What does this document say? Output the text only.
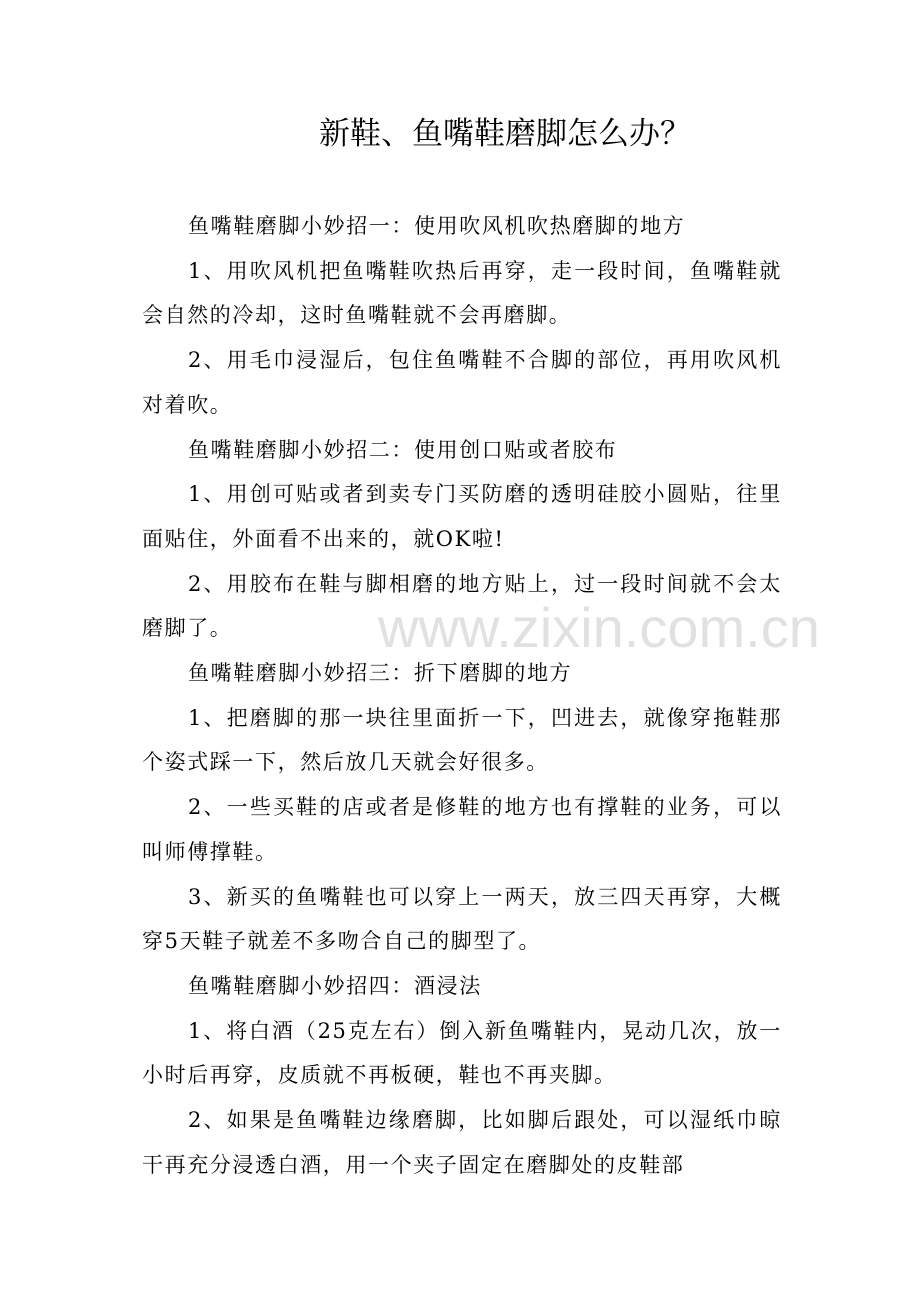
新鞋、鱼嘴鞋磨脚怎么办？

鱼嘴鞋磨脚小妙招一：使用吹风机吹热磨脚的地方

1、用吹风机把鱼嘴鞋吹热后再穿，走一段时间，鱼嘴鞋就会自然的冷却，这时鱼嘴鞋就不会再磨脚。

2、用毛巾浸湿后，包住鱼嘴鞋不合脚的部位，再用吹风机对着吹。

鱼嘴鞋磨脚小妙招二：使用创口贴或者胶布

1、用创可贴或者到卖专门买防磨的透明硅胶小圆贴，往里面贴住，外面看不出来的，就OK啦!

2、用胶布在鞋与脚相磨的地方贴上，过一段时间就不会太磨脚了。

鱼嘴鞋磨脚小妙招三：折下磨脚的地方

1、把磨脚的那一块往里面折一下，凹进去，就像穿拖鞋那个姿式踩一下，然后放几天就会好很多。

2、一些买鞋的店或者是修鞋的地方也有撑鞋的业务，可以叫师傅撑鞋。

3、新买的鱼嘴鞋也可以穿上一两天，放三四天再穿，大概穿5天鞋子就差不多吻合自己的脚型了。

鱼嘴鞋磨脚小妙招四：酒浸法

1、将白酒（25克左右）倒入新鱼嘴鞋内，晃动几次，放一小时后再穿，皮质就不再板硬，鞋也不再夹脚。

2、如果是鱼嘴鞋边缘磨脚，比如脚后跟处，可以湿纸巾晾干再充分浸透白酒，用一个夹子固定在磨脚处的皮鞋部

www.zixin.com.cn
